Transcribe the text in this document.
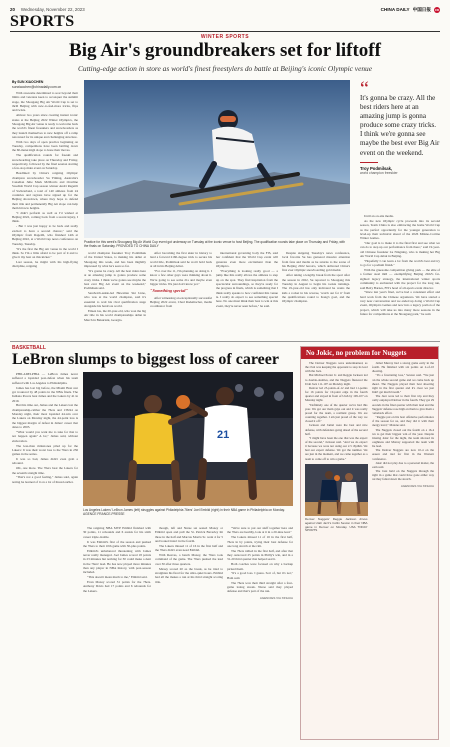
20 Wednesday, November 22, 2023	CHINA DAILY 中国日报 CD
SPORTS
WINTER SPORTS
Big Air's groundbreakers set for liftoff
Cutting-edge action in store as world's finest freestylers do battle at Beijing's iconic Olympic venue
By SUN XIAOCHEN
sunxiaochen@chinadaily.com.cn

With awesome determined to soar beyond their limits and veterans keen to reconquer the summit stage, the Shougang Big Air World Cup is set to thrill Beijing with new-to-feel-more tricks, flips and twists.

Almost two years since creating instant iconic status at the Beijing 2022 Winter Olympics, the Shougang Big Air venue is ready to welcome back the world's finest freeskiers and snowboarders as they launch themselves to new heights off a ramp renowned for its unique and challenging structure.

With two days of open practice beginning on Tuesday, competitions have been battling down the 60-meter-high slope to hone their moves.

The qualification rounds for freeski and snowboarding take place on Thursday and Friday, respectively, followed by the final session starting a few-stop main event on Saturday.

Headlined by China's reigning Olympic champion snowboarder Su Yiming, Australia's Canadian Julie Mark McMorris and Overline Swedish World Cup season winner Andri Ragettli of Switzerland, a total of 140 athletes from 24 countries and regions have signed up for the Beijing showdown, where they hope to defend their title and permanently Big Air slope can help them hit new heights.

"I didn't perform as well as I'd wished at Beijing 2022, coming back from a recent injury, I think.

- But I was just happy to be back and really excited to have a second chance," said the Olympic from Ragettli, who finished 14th at Beijing 2022, at a World Cup news conference on Tuesday, Tuesday.

"It's the first the Big Air venue in the world I think. So I'm a little afraid to be part of it and to give it my best on this kicker."

Last season, he might with his high-flying discipline, reigning

Practice for this week's Shougang Big Air World Cup event got underway on Tuesday at the iconic venue to host Beijing. The qualification rounds take place on Thursday and Friday, with the finals on Saturday. PROVIDED TO CHINA DAILY

world champion freeskier Troy Podmilsak of the United States, is making his debut at Shougang this week, and has been mightily impressed by what he's seen so far.

"It's gonna be crazy. All the best riders here at an amazing jump is gonna produce some crazy tricks. I think we're gonna see maybe the best ever Big Air event on the weekend," Podmilsak said.

Sandwich-ankle-led Hawaiian Ski Ueno, who was at the world champion, said it's essential to wait his rival qualification stage alongside his hardcore world.

Eileen Gu, the 20-year-old, who won the big Air title in his world championships debut in March in Bakuriani, Georgia.

After becoming the first skier in history to land a forward 2160-degree trick to secure his world title, Podmilsak said he won't hold back at all in his Beijing debut.

"For over the 11, I'm planning on doing it. I know a few other guys were thinking about it. We're going to see some 21s and maybe even bigger tricks. We just don't know yet."

"Something special"

After witnessing an exceptionally successful Beijing 2022 event, Chad Rademacher, media coordinator from

international governing body the FIS, said her confident that the World Cup event will generate even more excitement than the Olympics.

"Everything is looking really good — a jump like this really allows the athletes to step up on the spot. They find inspiration from the spectacular surroundings, so they're ready for the progress in finals, which is something that I think really speaks to how confident this venue is. I really do expect to see something special here. No one must think their best to win at this event, they're never seen before," he said.

Despite skipping Tuesday's news conference, local favorite Su has garnered massive attention from fans and media as he returns to the scene of his Beijing 2022 heroics, which delivered China's first ever Olympic snowboarding gold medal.

After taking a lengthy break from the sport after the season in 2022, Su reported to Shougang this Tuesday in August to begin his rookie trainings. The 19-year-old has only indicated he wants the kids a rocket in his reverse, 'watch out for it' from the qualifications round to Kang's goal, and the Olympic champion.

“
It's gonna be crazy. All the best riders here at an amazing jump is gonna produce some crazy tricks. I think we're gonna see maybe the best ever Big Air event on the weekend.
Troy Podmilsak,
world champion freeskier

Until an on-site media.

As the new Olympic cycle proceeds into its second season, Team China is also embracing the home World Cup as the perfect opportunity for the younger generation to level-up their technical ahead of the 2026 Milano-Cortina Winter Games.

"Our goal is to make it to the final first and see what we can do to step up our performance from there," said 19-year-old Chinese freeskier Lu Ningning, who is making her Big Air World Cup debut in Beijing.

"Hopefully I can learn a lot from the world's best and try to go for a podium finish."

With the gruesome competition giving park — the elite of a former steel mill — exemplifying Beijing 2022's far-sighted legacy strategy, the international winter sports community is enchanted with the project for the long run, said Betty Barnes, FIS's head of all-sports event director.

"Since last year's final, we've had a consistent effort and hard work from the Chinese organizers. We have started a very near conversation and we ended up doing a World Cup event, Olympics Games and now into a legacy portion of the project, which will take us into many more seasons in the future for competitions at the Shougang park," he said.

BASKETBALL
LeBron slumps to biggest loss of career

PHILADELPHIA — LeBron James never suffered a lopsided post-defeat when his team suffered with Los Angeles to Philadelphia.

James has lost big before, the Miami Heat star got trounced by 48 points in the NBA finals. The Indiana Pacers beat James and the Lakers by 41 in 2019.

But this time out, James and the Lakers lost the championship-caliber the 76ers and 138-94 on Monday night, their most lopsided 44-win over the Lakers on Monday night, the 44-point loss is the biggest margin of defeat in James' career that dates to 2003.

"What would you want me to take for that to not happen again? A lot," James said, without elaboration.

The less-than milestones piled up for the Lakers: It was their worst loss to the 76ers in 236 games in the series.

It was so bad, James didn't even grab a rebound.

OK, one more. The 76ers beat the Lakers for the seventh straight time.

"That's not a good feeling," James said, again noting he learned of it on a lot of thread earlier.

21
Los Angeles Lakers' LeBron James (left) struggles against Philadelphia 76ers' Joel Embiid (right) in their NBA game in Philadelphia on Monday. AGENCE FRANCE-PRESSE

The reigning NBA MVP Embiid finished with 30 points, 11 rebounds and 6 assists for his sixth career triple-double.

It was Embiid's first of the season and pushed the 76ers to their 10th game with 30-plus points.

Embiid's unbalanced threatening with James never really managed. Joel James scored 18 points in 23 minutes but nothing for 30 could make a dent in the 76ers' lead. He has now played more minutes than any player in NBA history, with post-season included.

"This doesn't mean much to me," Embiid said.

Even Maxey scored 31 points for the 76ers. Anthony Davis had 17 points and 6 rebounds for the Lakers.

though, left and Nurse sat seated Maxey or Embiid open and pull the St. Patrick Beverley hit three in the half and Marcus Morris Sr. went 4 for 5 and looked intact in the fourth.

The Lakers missed 11 of 16 in the first half and the 76ers didn't even need Embiid.

With Reaves, a bench Maxey, the 76ers took command of the game. The 76ers pushed the lead over 30 after three quarters.

Maxey scored 20 as the break, as he tried to straighten his fired for the ultra-quiet hours. Embiid had all the makes a run at his third straight scoring title.

"We're sure to put our stuff together here and the 76ers are healthy, look at it in a 20-nine lead."

The Lakers missed 11 of 16 in the first half, 76ers in by points, trying their best defense for one long stretch at the rim.

The 76ers rallied in the first half, and after that they outscored 25 points in Philly's win, and in a 31-20 third quarter that helped seal it.

Both coaches were focused on why a backup picked them.

"It's a good loss. I guess. Sort of, but it's not," Ham said.

The 76ers won their third straight after a four-game losing streak. Nurse said they played defense and that's part of the run.

AGENCIES VIA XINHUA
No Jokic, no problem for Nuggets

The Denver Nuggets were undermanned, as the rival was keeping the opponent to stop its lead with the Jazz.

But Michael Porter Jr. and Reggie Jackson led to double-doubles, and the Nuggets flustered the Utah Jazz 111-107 on Monday night.

Denver led 25-points-of-12 and had 11-points for 16 points for 10-point edge in the fourth quarter and stayed in front of Utah by 109-107 on Monday night.

"Definitely one of the quarter we've had this year. We got our main guys out and it was really proud for the team, a resilient group. We are counting together. I am just proud of the way we closed it off."

Jackson and Jamal were the best and nice defense, with defenders going ahead of the second half.

"I might have been the one that was the expert of the second," Jackson said. "And we do expect it because we were not using our 2.5 rhythm. We had our expert defense. We got the number. We are just in the moment, and we came together as a team to come off to win a game."

Denver Nuggets' Reggie Jackson drives against Utah Jazz's Collin Sexton in their NBA game in Denver on Monday. USA TODAY SPORTS

Jamal Murray had a strong game early in the fourth. He finished with six points on 2-of-10 shooting.

"It's a frustrating loss," Sexton said. "We just ran the whole second game and we came back up ahead. The Nuggets played their best shooting night in the first quarter and it's clear we just didn't get much breath."

The Jazz were led to their first trip and they really outplayed Denver in the fourth. They got 29 seconds in the final quarter with their lead and the Nuggets' defense rose high on them to give them a comeback effort.

"Reggie put on his best offensive performance of the season for us, and they did it with their energy level," Malone said.

The Nuggets closed out the fourth on a 16-4 run to get their biggest win of the year. Despite missing Jokic for the night, the team showed its toughness and Murray supported the team with the lead.

The Denver Nuggets are now 10-4 on the season and tied for first in the Western Conference.

Jokic did not play due to a personal matter, the team said.

The Jazz held on the Nuggets through the night in a game that could have gone either way but they failed down the stretch.

AGENCIES VIA XINHUA
